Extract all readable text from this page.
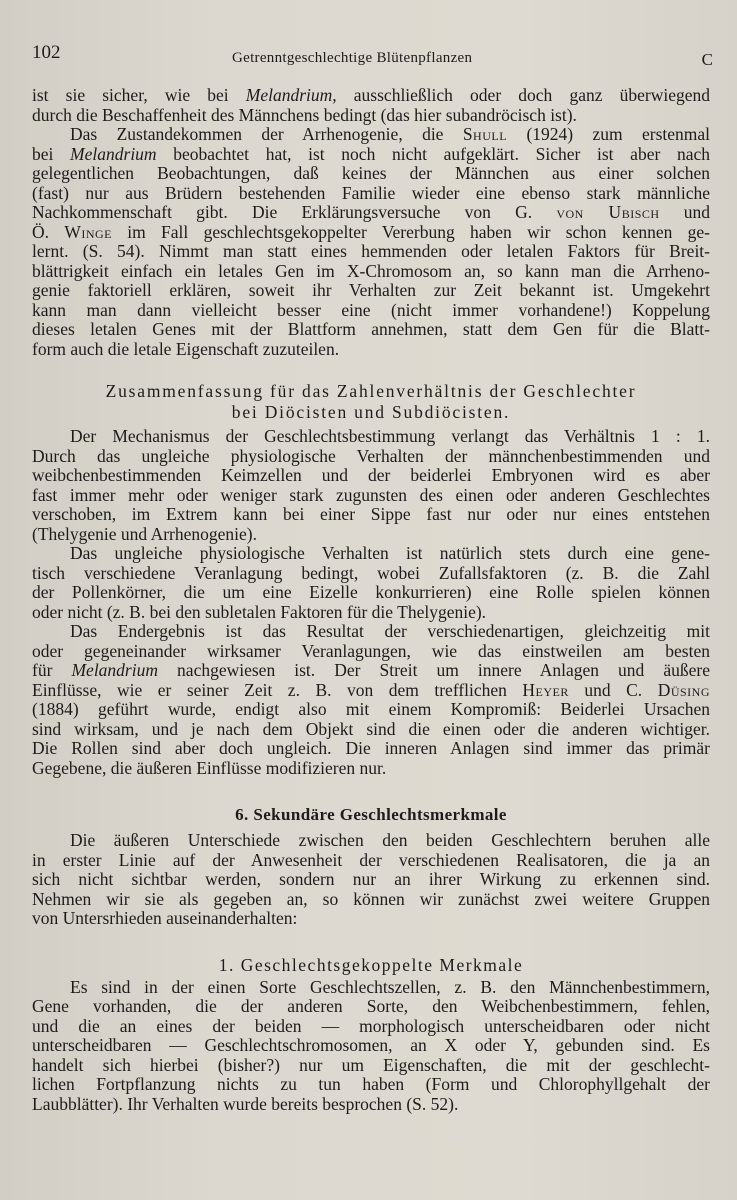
102	Getrenntgeschlechtige Blütenpflanzen	C
ist sie sicher, wie bei Melandrium, ausschließlich oder doch ganz überwiegend
durch die Beschaffenheit des Männchens bedingt (das hier subandröcisch ist).
Das Zustandekommen der Arrhenogenie, die Shull (1924) zum erstenmal
bei Melandrium beobachtet hat, ist noch nicht aufgeklärt. Sicher ist aber nach
gelegentlichen Beobachtungen, daß keines der Männchen aus einer solchen
(fast) nur aus Brüdern bestehenden Familie wieder eine ebenso stark männliche
Nachkommenschaft gibt. Die Erklärungsversuche von G. von Ubisch und
Ö. Winge im Fall geschlechtsgekoppelter Vererbung haben wir schon kennen ge-
lernt. (S. 54). Nimmt man statt eines hemmenden oder letalen Faktors für Breit-
blättrigkeit einfach ein letales Gen im X-Chromosom an, so kann man die Arrheno-
genie faktoriell erklären, soweit ihr Verhalten zur Zeit bekannt ist. Umgekehrt
kann man dann vielleicht besser eine (nicht immer vorhandene!) Koppelung
dieses letalen Genes mit der Blattform annehmen, statt dem Gen für die Blatt-
form auch die letale Eigenschaft zuzuteilen.
Zusammenfassung für das Zahlenverhältnis der Geschlechter
bei Diöcisten und Subdiöcisten.
Der Mechanismus der Geschlechtsbestimmung verlangt das Verhältnis 1 : 1.
Durch das ungleiche physiologische Verhalten der männchenbestimmenden und
weibchenbestimmenden Keimzellen und der beiderlei Embryonen wird es aber
fast immer mehr oder weniger stark zugunsten des einen oder anderen Geschlechtes
verschoben, im Extrem kann bei einer Sippe fast nur oder nur eines entstehen
(Thelygenie und Arrhenogenie).
Das ungleiche physiologische Verhalten ist natürlich stets durch eine gene-
tisch verschiedene Veranlagung bedingt, wobei Zufallsfaktoren (z. B. die Zahl
der Pollenkörner, die um eine Eizelle konkurrieren) eine Rolle spielen können
oder nicht (z. B. bei den subletalen Faktoren für die Thelygenie).
Das Endergebnis ist das Resultat der verschiedenartigen, gleichzeitig mit
oder gegeneinander wirksamer Veranlagungen, wie das einstweilen am besten
für Melandrium nachgewiesen ist. Der Streit um innere Anlagen und äußere
Einflüsse, wie er seiner Zeit z. B. von dem trefflichen Heyer und C. Düsing
(1884) geführt wurde, endigt also mit einem Kompromiß: Beiderlei Ursachen
sind wirksam, und je nach dem Objekt sind die einen oder die anderen wichtiger.
Die Rollen sind aber doch ungleich. Die inneren Anlagen sind immer das primär
Gegebene, die äußeren Einflüsse modifizieren nur.
6. Sekundäre Geschlechtsmerkmale
Die äußeren Unterschiede zwischen den beiden Geschlechtern beruhen alle
in erster Linie auf der Anwesenheit der verschiedenen Realisatoren, die ja an
sich nicht sichtbar werden, sondern nur an ihrer Wirkung zu erkennen sind.
Nehmen wir sie als gegeben an, so können wir zunächst zwei weitere Gruppen
von Untersrhieden auseinanderhalten:
1. Geschlechtsgekoppelte Merkmale
Es sind in der einen Sorte Geschlechtszellen, z. B. den Männchenbestimmern,
Gene vorhanden, die der anderen Sorte, den Weibchenbestimmern, fehlen,
und die an eines der beiden — morphologisch unterscheidbaren oder nicht
unterscheidbaren — Geschlechtschromosomen, an X oder Y, gebunden sind. Es
handelt sich hierbei (bisher?) nur um Eigenschaften, die mit der geschlecht-
lichen Fortpflanzung nichts zu tun haben (Form und Chlorophyllgehalt der
Laubblätter). Ihr Verhalten wurde bereits besprochen (S. 52).
